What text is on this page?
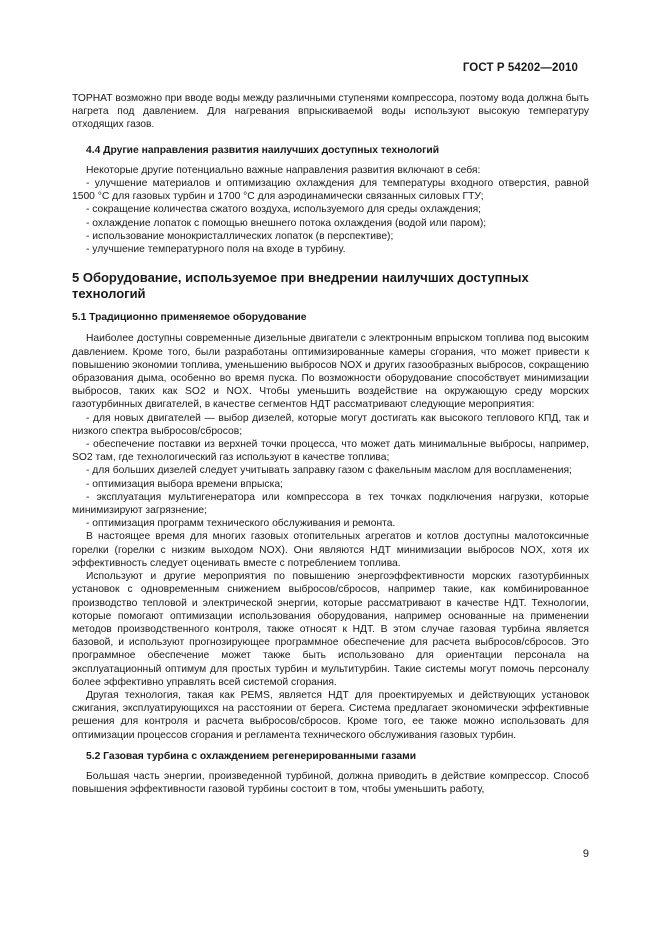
ГОСТ Р 54202—2010

ТОРНАТ возможно при вводе воды между различными ступенями компрессора, поэтому вода должна быть нагрета под давлением. Для нагревания впрыскиваемой воды используют высокую температуру отходящих газов.

4.4 Другие направления развития наилучших доступных технологий

Некоторые другие потенциально важные направления развития включают в себя:

- улучшение материалов и оптимизацию охлаждения для температуры входного отверстия, равной 1500 °С для газовых турбин и 1700 °С для аэродинамически связанных силовых ГТУ;

- сокращение количества сжатого воздуха, используемого для среды охлаждения;

- охлаждение лопаток с помощью внешнего потока охлаждения (водой или паром);

- использование монокристаллических лопаток (в перспективе);

- улучшение температурного поля на входе в турбину.

5 Оборудование, используемое при внедрении наилучших доступных технологий

5.1 Традиционно применяемое оборудование

Наиболее доступны современные дизельные двигатели с электронным впрыском топлива под высоким давлением. Кроме того, были разработаны оптимизированные камеры сгорания, что может привести к повышению экономии топлива, уменьшению выбросов NOX и других газообразных выбросов, сокращению образования дыма, особенно во время пуска. По возможности оборудование способствует минимизации выбросов, таких как SO2 и NOX. Чтобы уменьшить воздействие на окружающую среду морских газотурбинных двигателей, в качестве сегментов НДТ рассматривают следующие мероприятия:

- для новых двигателей — выбор дизелей, которые могут достигать как высокого теплового КПД, так и низкого спектра выбросов/сбросов;

- обеспечение поставки из верхней точки процесса, что может дать минимальные выбросы, например, SO2 там, где технологический газ используют в качестве топлива;

- для больших дизелей следует учитывать заправку газом с факельным маслом для воспламенения;

- оптимизация выбора времени впрыска;

- эксплуатация мультигенератора или компрессора в тех точках подключения нагрузки, которые минимизируют загрязнение;

- оптимизация программ технического обслуживания и ремонта.

В настоящее время для многих газовых отопительных агрегатов и котлов доступны малотоксичные горелки (горелки с низким выходом NOX). Они являются НДТ минимизации выбросов NOX, хотя их эффективность следует оценивать вместе с потреблением топлива.

Используют и другие мероприятия по повышению энергоэффективности морских газотурбинных установок с одновременным снижением выбросов/сбросов, например такие, как комбинированное производство тепловой и электрической энергии, которые рассматривают в качестве НДТ. Технологии, которые помогают оптимизации использования оборудования, например основанные на применении методов производственного контроля, также относят к НДТ. В этом случае газовая турбина является базовой, и используют прогнозирующее программное обеспечение для расчета выбросов/сбросов. Это программное обеспечение может также быть использовано для ориентации персонала на эксплуатационный оптимум для простых турбин и мультитурбин. Такие системы могут помочь персоналу более эффективно управлять всей системой сгорания.

Другая технология, такая как PEMS, является НДТ для проектируемых и действующих установок сжигания, эксплуатирующихся на расстоянии от берега. Система предлагает экономически эффективные решения для контроля и расчета выбросов/сбросов. Кроме того, ее также можно использовать для оптимизации процессов сгорания и регламента технического обслуживания газовых турбин.

5.2 Газовая турбина с охлаждением регенерированными газами

Большая часть энергии, произведенной турбиной, должна приводить в действие компрессор. Способ повышения эффективности газовой турбины состоит в том, чтобы уменьшить работу,

9
